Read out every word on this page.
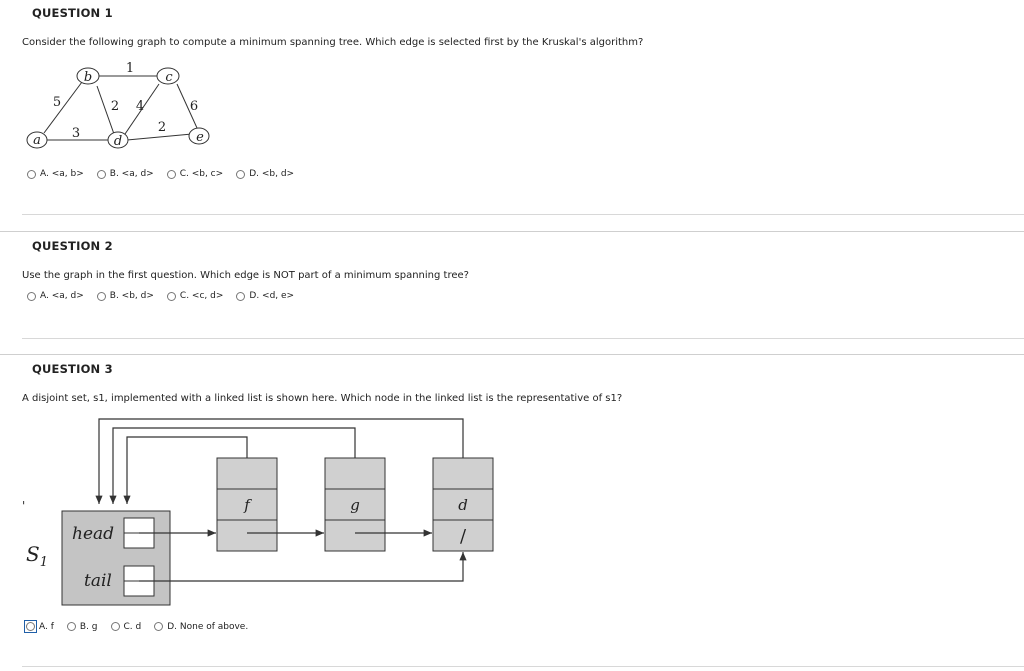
QUESTION 1
Consider the following graph to compute a minimum spanning tree. Which edge is selected first by the Kruskal's algorithm?
b	c
a	d	e
5
1
2 4	6
3	2
A. <a, b>	B. <a, d>	C. <b, c>	D. <b, d>
QUESTION 2
Use the graph in the first question. Which edge is NOT part of a minimum spanning tree?
A. <a, d>	B. <b, d>	C. <c, d>	D. <d, e>
QUESTION 3
A disjoint set, s1, implemented with a linked list is shown here. Which node in the linked list is the representative of s1?
head
tail
$S_1$
'	f	g	d
/
A. f	B. g	C. d	D. None of above.
